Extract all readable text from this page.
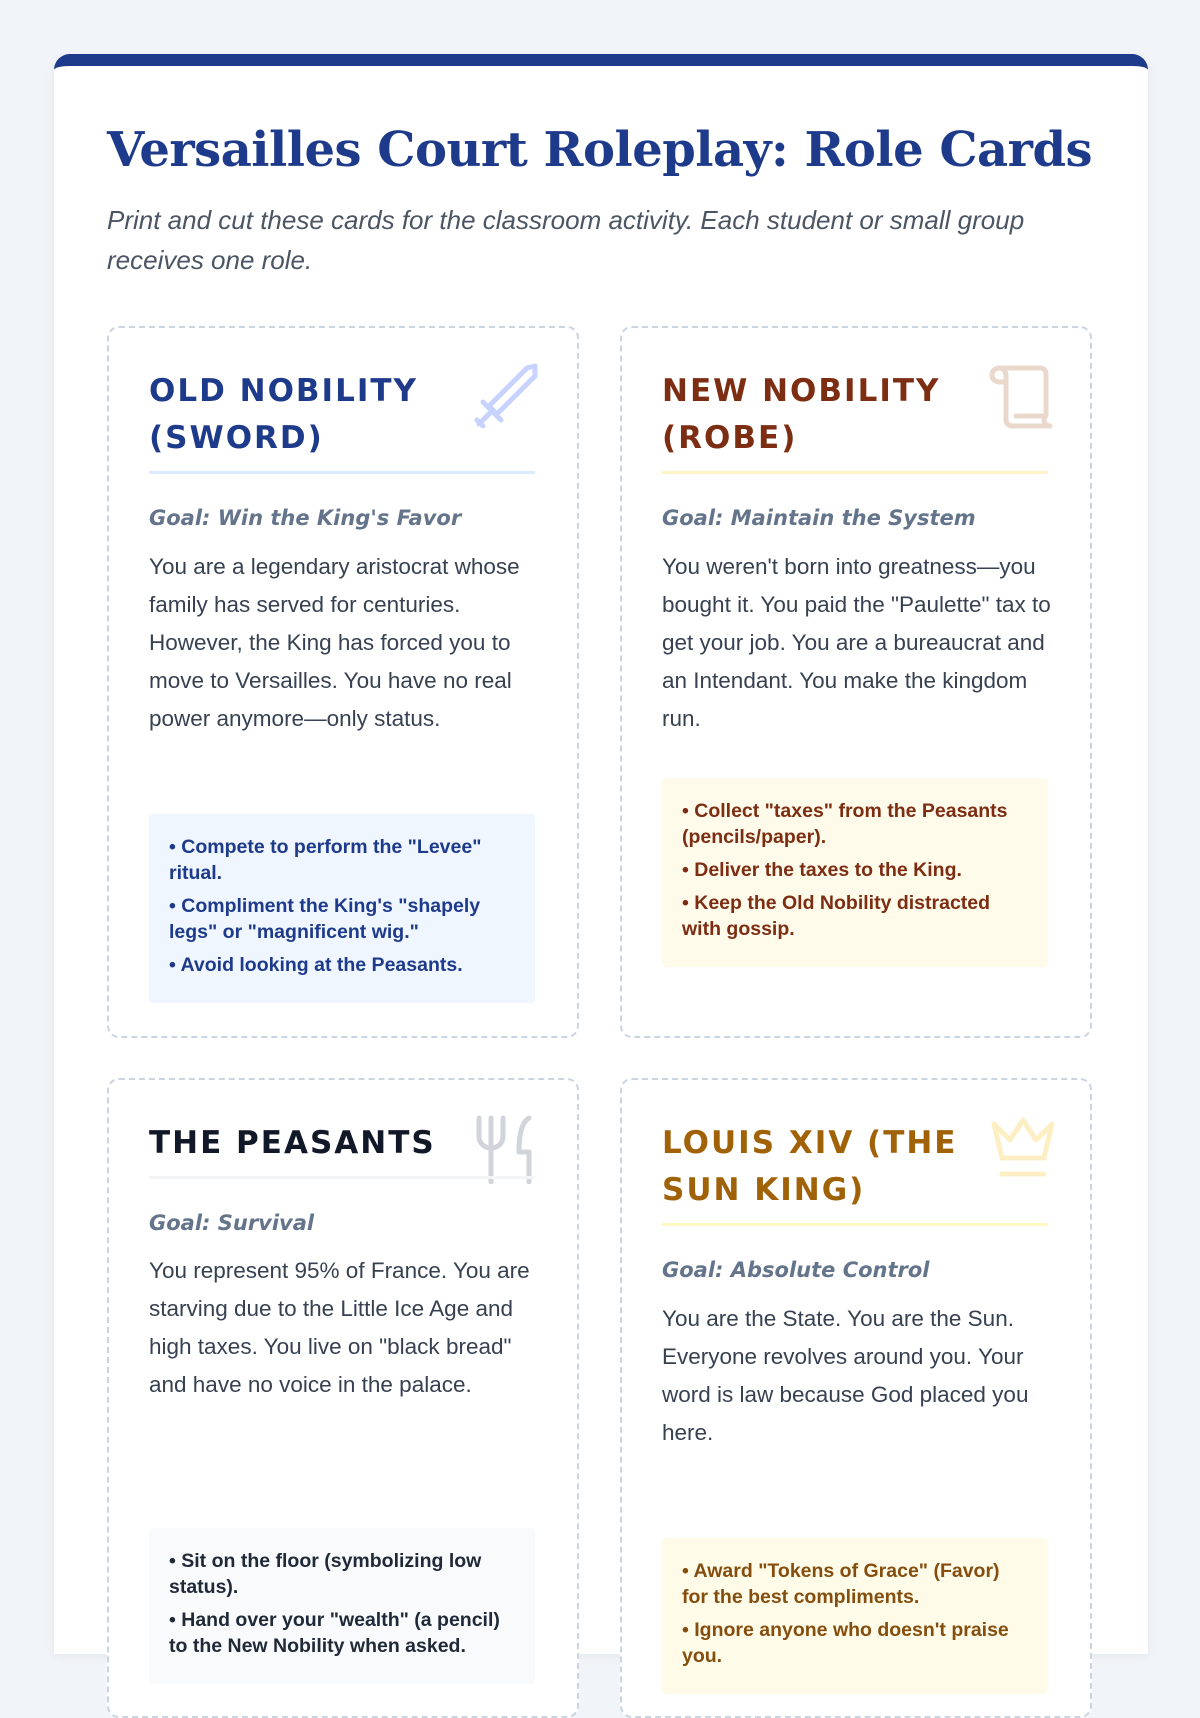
Versailles Court Roleplay: Role Cards

Print and cut these cards for the classroom activity. Each student or small group receives one role.

OLD NOBILITY (SWORD)

Goal: Win the King's Favor

You are a legendary aristocrat whose family has served for centuries. However, the King has forced you to move to Versailles. You have no real power anymore—only status.

• Compete to perform the "Levee" ritual.
• Compliment the King's "shapely legs" or "magnificent wig."
• Avoid looking at the Peasants.
NEW NOBILITY (ROBE)

Goal: Maintain the System

You weren't born into greatness—you bought it. You paid the "Paulette" tax to get your job. You are a bureaucrat and an Intendant. You make the kingdom run.

• Collect "taxes" from the Peasants (pencils/paper).
• Deliver the taxes to the King.
• Keep the Old Nobility distracted with gossip.
THE PEASANTS

Goal: Survival

You represent 95% of France. You are starving due to the Little Ice Age and high taxes. You live on "black bread" and have no voice in the palace.

• Sit on the floor (symbolizing low status).
• Hand over your "wealth" (a pencil) to the New Nobility when asked.
LOUIS XIV (THE SUN KING)

Goal: Absolute Control

You are the State. You are the Sun. Everyone revolves around you. Your word is law because God placed you here.

• Award "Tokens of Grace" (Favor) for the best compliments.
• Ignore anyone who doesn't praise you.
